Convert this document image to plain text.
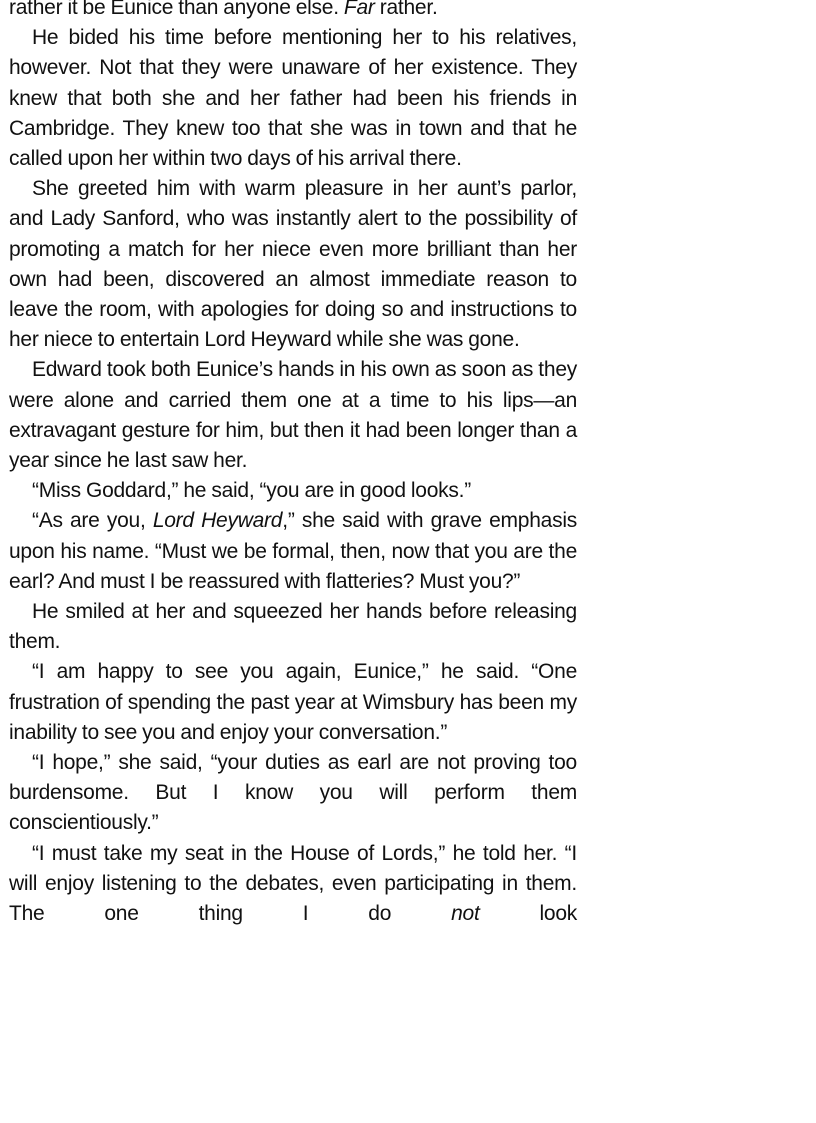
rather it be Eunice than anyone else. Far rather.

He bided his time before mentioning her to his relatives, however. Not that they were unaware of her existence. They knew that both she and her father had been his friends in Cambridge. They knew too that she was in town and that he called upon her within two days of his arrival there.

She greeted him with warm pleasure in her aunt’s parlor, and Lady Sanford, who was instantly alert to the possibility of promoting a match for her niece even more brilliant than her own had been, discovered an almost immediate reason to leave the room, with apologies for doing so and instructions to her niece to entertain Lord Heyward while she was gone.

Edward took both Eunice’s hands in his own as soon as they were alone and carried them one at a time to his lips—an extravagant gesture for him, but then it had been longer than a year since he last saw her.

“Miss Goddard,” he said, “you are in good looks.”

“As are you, Lord Heyward,” she said with grave emphasis upon his name. “Must we be formal, then, now that you are the earl? And must I be reassured with flatteries? Must you?”

He smiled at her and squeezed her hands before releasing them.

“I am happy to see you again, Eunice,” he said. “One frustration of spending the past year at Wimsbury has been my inability to see you and enjoy your conversation.”

“I hope,” she said, “your duties as earl are not proving too burdensome. But I know you will perform them conscientiously.”

“I must take my seat in the House of Lords,” he told her. “I will enjoy listening to the debates, even participating in them. The one thing I do not look
